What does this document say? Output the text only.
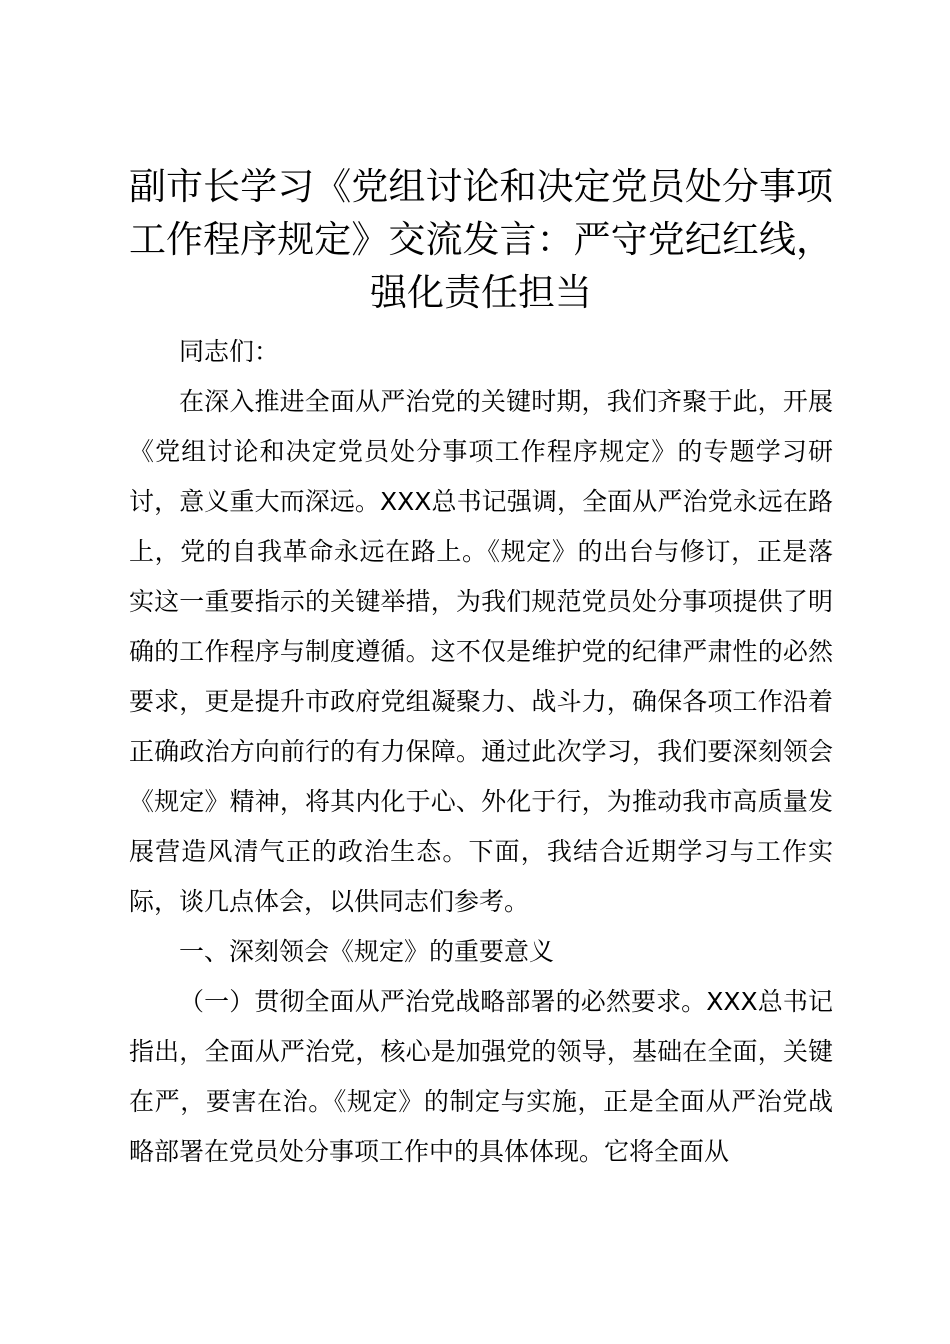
副市长学习《党组讨论和决定党员处分事项工作程序规定》交流发言：严守党纪红线，强化责任担当

同志们：

在深入推进全面从严治党的关键时期，我们齐聚于此，开展《党组讨论和决定党员处分事项工作程序规定》的专题学习研讨，意义重大而深远。XXX总书记强调，全面从严治党永远在路上，党的自我革命永远在路上。《规定》的出台与修订，正是落实这一重要指示的关键举措，为我们规范党员处分事项提供了明确的工作程序与制度遵循。这不仅是维护党的纪律严肃性的必然要求，更是提升市政府党组凝聚力、战斗力，确保各项工作沿着正确政治方向前行的有力保障。通过此次学习，我们要深刻领会《规定》精神，将其内化于心、外化于行，为推动我市高质量发展营造风清气正的政治生态。下面，我结合近期学习与工作实际，谈几点体会，以供同志们参考。

一、深刻领会《规定》的重要意义

（一）贯彻全面从严治党战略部署的必然要求。XXX总书记指出，全面从严治党，核心是加强党的领导，基础在全面，关键在严，要害在治。《规定》的制定与实施，正是全面从严治党战略部署在党员处分事项工作中的具体体现。它将全面从
